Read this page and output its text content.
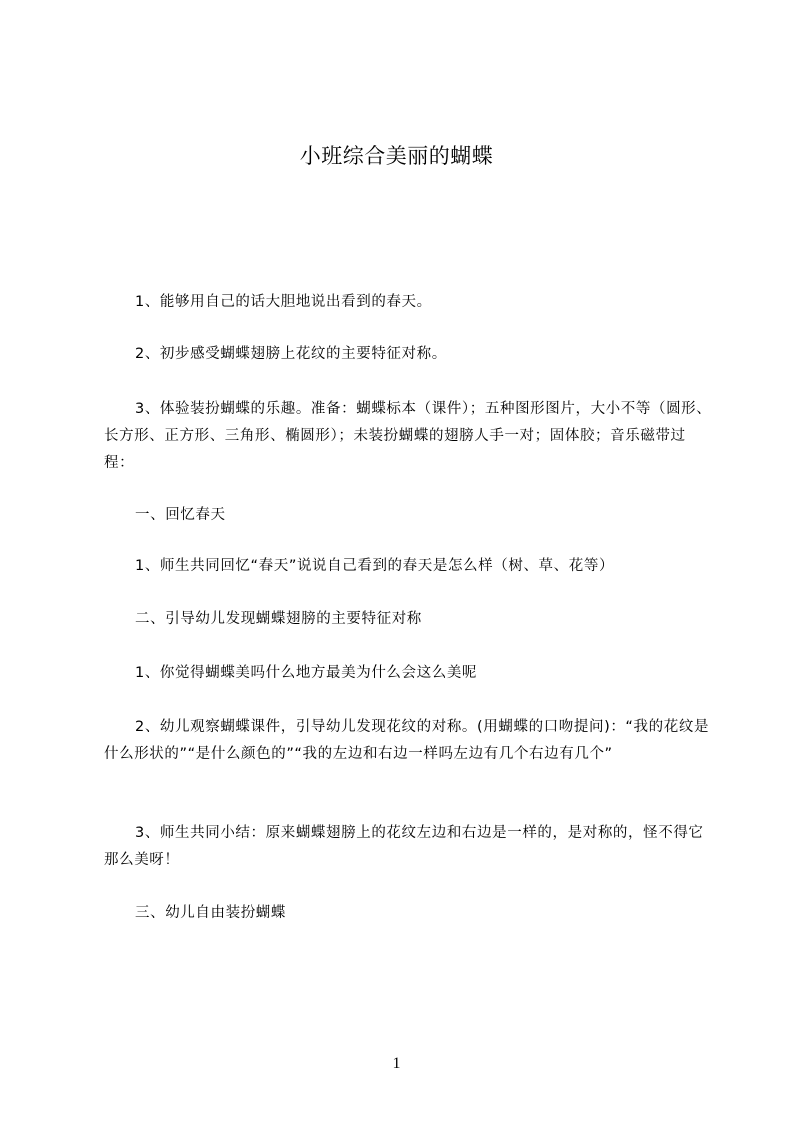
小班综合美丽的蝴蝶
1、能够用自己的话大胆地说出看到的春天。
2、初步感受蝴蝶翅膀上花纹的主要特征对称。
3、体验装扮蝴蝶的乐趣。准备：蝴蝶标本（课件）；五种图形图片，大小不等（圆形、长方形、正方形、三角形、椭圆形）；未装扮蝴蝶的翅膀人手一对；固体胶；音乐磁带过程：
一、回忆春天
1、师生共同回忆“春天”说说自己看到的春天是怎么样（树、草、花等）
二、引导幼儿发现蝴蝶翅膀的主要特征对称
1、你觉得蝴蝶美吗什么地方最美为什么会这么美呢
2、幼儿观察蝴蝶课件，引导幼儿发现花纹的对称。(用蝴蝶的口吻提问)：“我的花纹是什么形状的”“是什么颜色的”“我的左边和右边一样吗左边有几个右边有几个”
3、师生共同小结：原来蝴蝶翅膀上的花纹左边和右边是一样的，是对称的，怪不得它那么美呀！
三、幼儿自由装扮蝴蝶
1
